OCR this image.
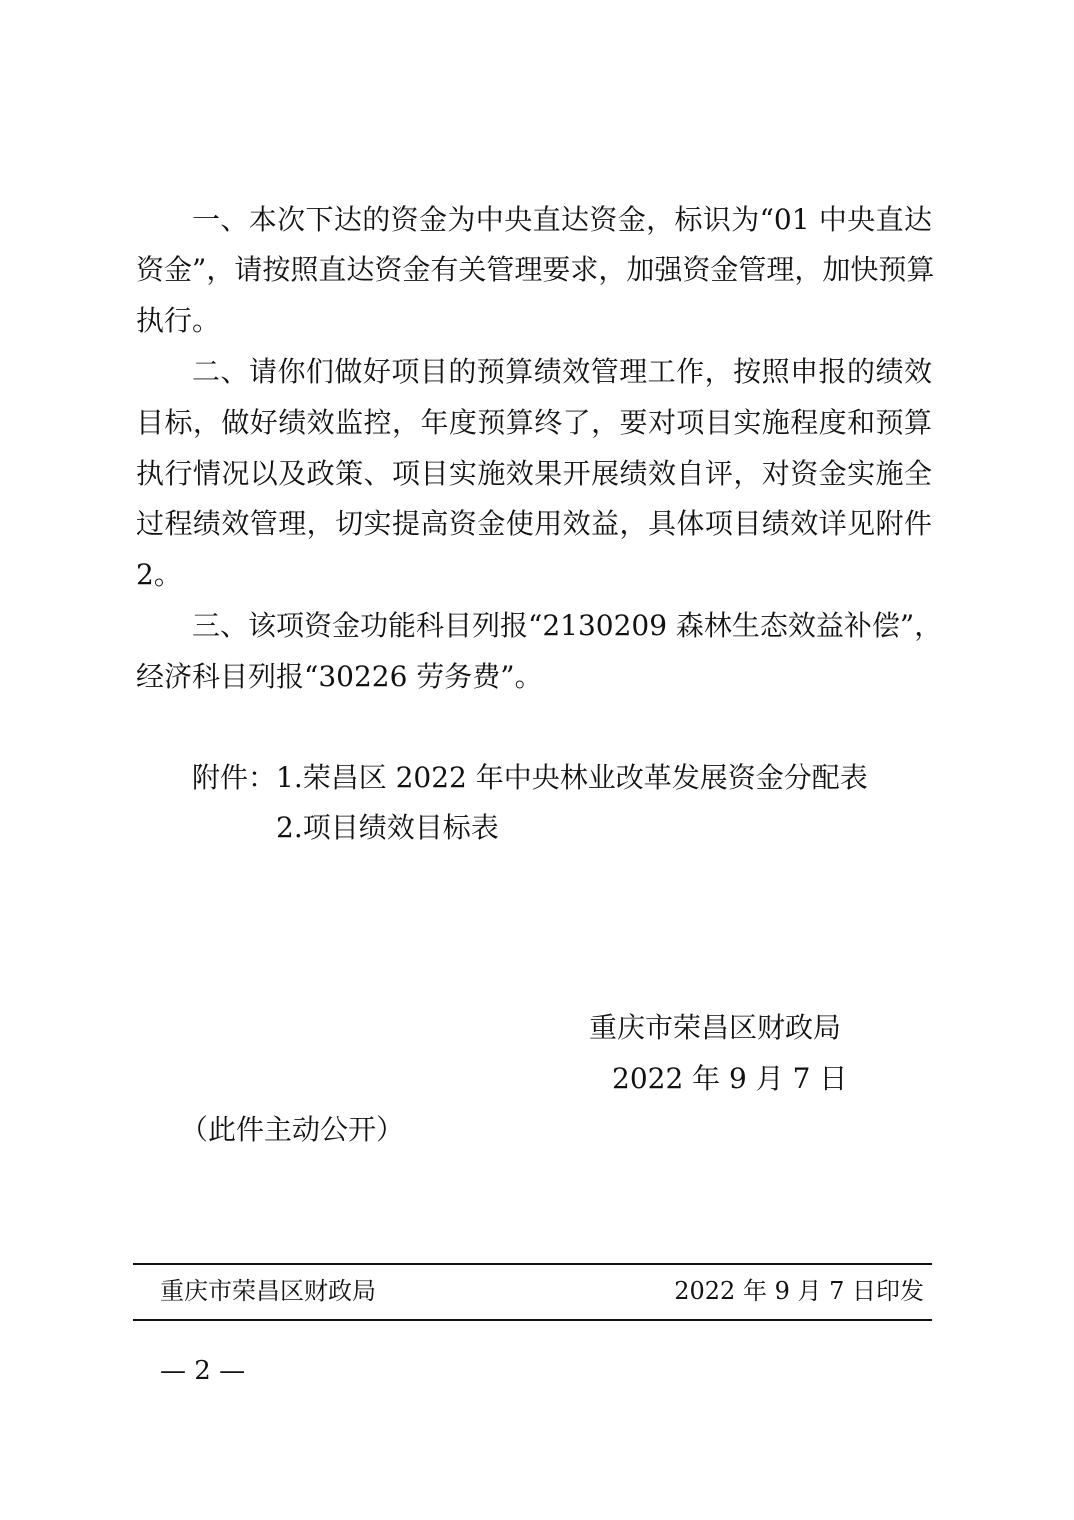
一、本次下达的资金为中央直达资金，标识为“01 中央直达

资金”，请按照直达资金有关管理要求，加强资金管理，加快预算

执行。

二、请你们做好项目的预算绩效管理工作，按照申报的绩效

目标，做好绩效监控，年度预算终了，要对项目实施程度和预算

执行情况以及政策、项目实施效果开展绩效自评，对资金实施全

过程绩效管理，切实提高资金使用效益，具体项目绩效详见附件

2。

三、该项资金功能科目列报“2130209 森林生态效益补偿”，

经济科目列报“30226 劳务费”。

附件： 1.荣昌区 2022 年中央林业改革发展资金分配表
2.项目绩效目标表
重庆市荣昌区财政局
2022 年 9 月 7 日
（此件主动公开）
重庆市荣昌区财政局	2022 年 9 月 7 日印发
— 2 —
